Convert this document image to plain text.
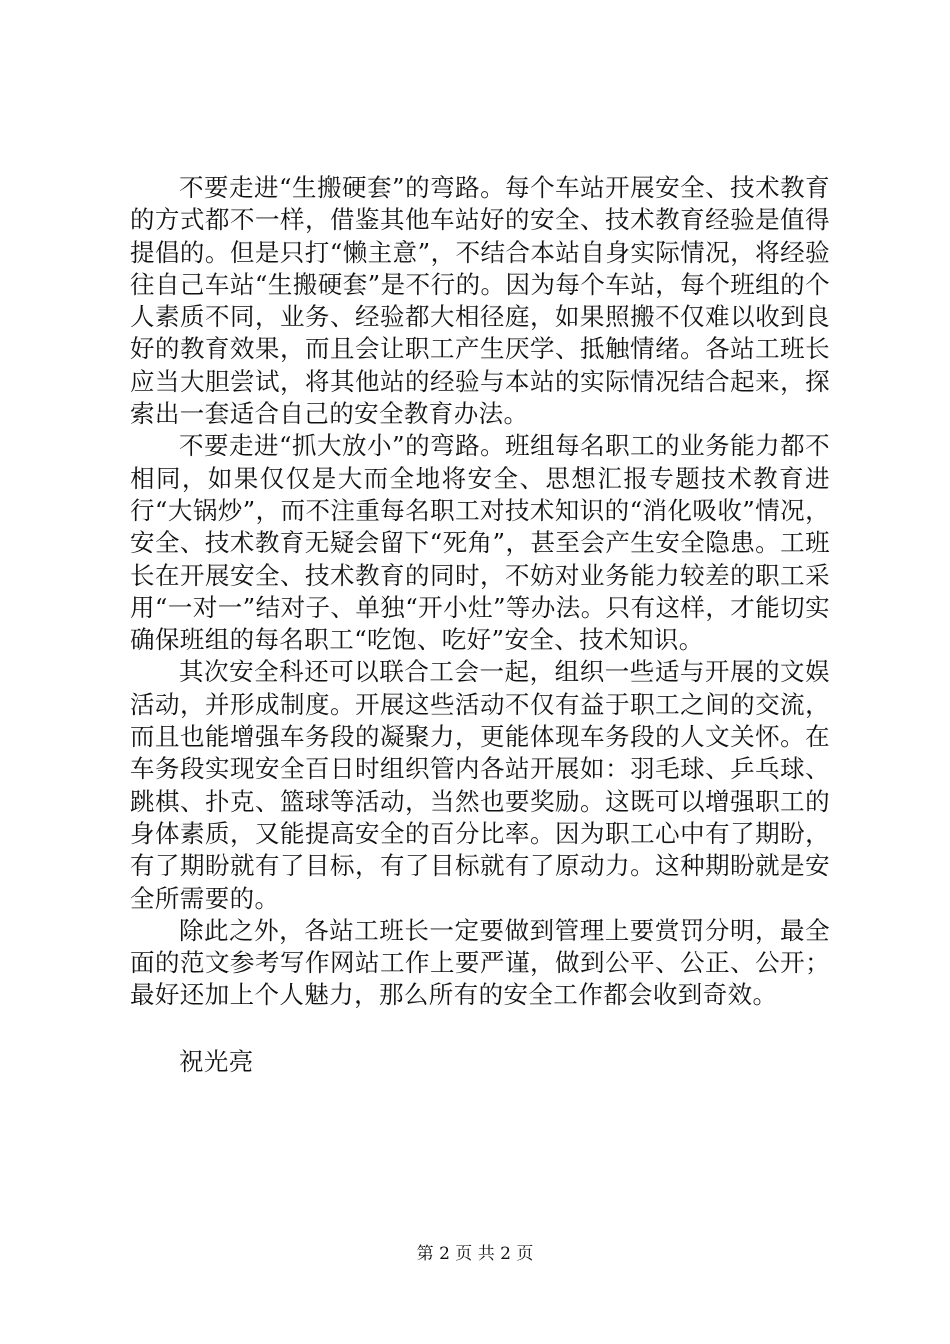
不要走进“生搬硬套”的弯路。每个车站开展安全、技术教育的方式都不一样，借鉴其他车站好的安全、技术教育经验是值得提倡的。但是只打“懒主意”，不结合本站自身实际情况，将经验往自己车站“生搬硬套”是不行的。因为每个车站，每个班组的个人素质不同，业务、经验都大相径庭，如果照搬不仅难以收到良好的教育效果，而且会让职工产生厌学、抵触情绪。各站工班长应当大胆尝试，将其他站的经验与本站的实际情况结合起来，探索出一套适合自己的安全教育办法。

不要走进“抓大放小”的弯路。班组每名职工的业务能力都不相同，如果仅仅是大而全地将安全、思想汇报专题技术教育进行“大锅炒”，而不注重每名职工对技术知识的“消化吸收”情况，安全、技术教育无疑会留下“死角”，甚至会产生安全隐患。工班长在开展安全、技术教育的同时，不妨对业务能力较差的职工采用“一对一”结对子、单独“开小灶”等办法。只有这样，才能切实确保班组的每名职工“吃饱、吃好”安全、技术知识。

其次安全科还可以联合工会一起，组织一些适与开展的文娱活动，并形成制度。开展这些活动不仅有益于职工之间的交流，而且也能增强车务段的凝聚力，更能体现车务段的人文关怀。在车务段实现安全百日时组织管内各站开展如：羽毛球、乒乓球、跳棋、扑克、篮球等活动，当然也要奖励。这既可以增强职工的身体素质，又能提高安全的百分比率。因为职工心中有了期盼，有了期盼就有了目标，有了目标就有了原动力。这种期盼就是安全所需要的。

除此之外，各站工班长一定要做到管理上要赏罚分明，最全面的范文参考写作网站工作上要严谨，做到公平、公正、公开；最好还加上个人魅力，那么所有的安全工作都会收到奇效。

祝光亮

第 2 页 共 2 页
